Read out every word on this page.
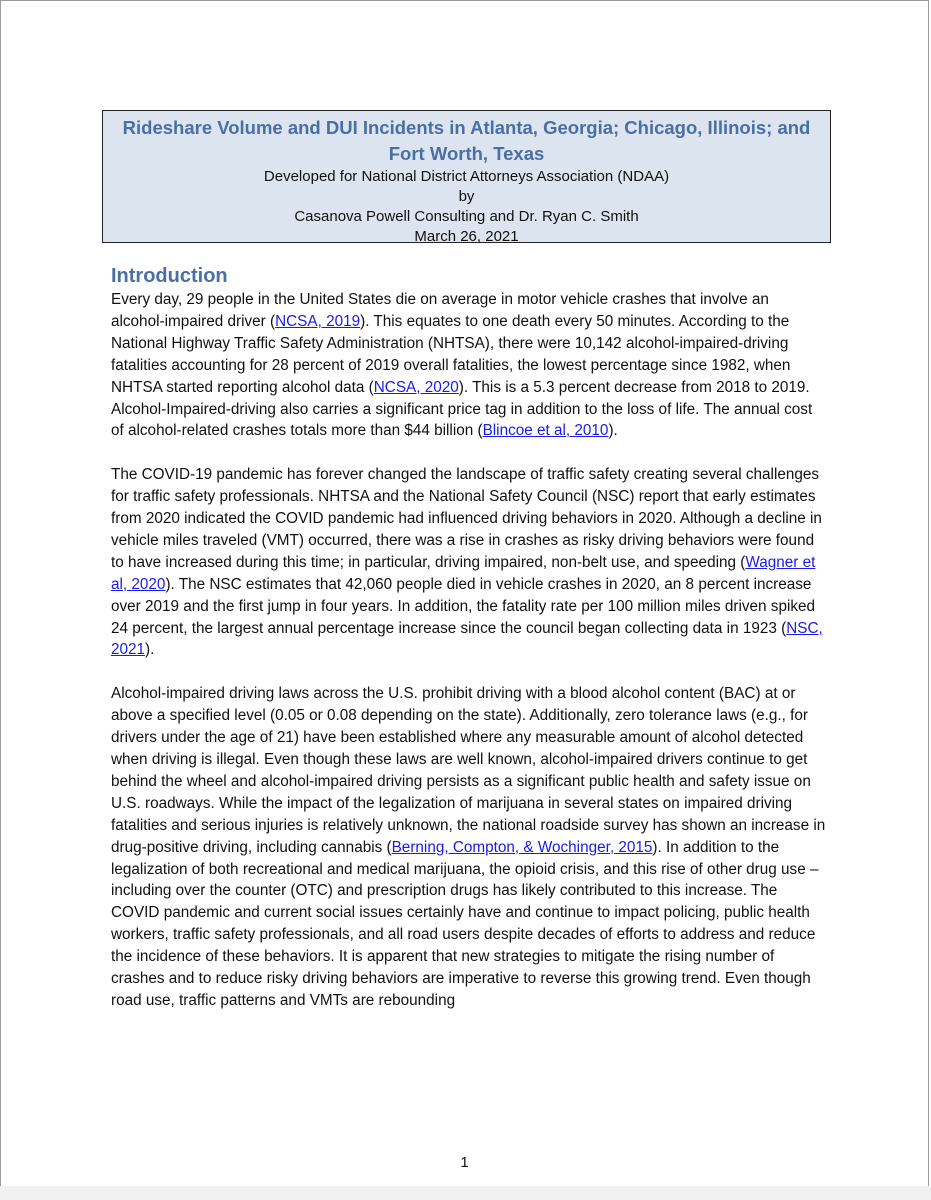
Rideshare Volume and DUI Incidents in Atlanta, Georgia; Chicago, Illinois; and Fort Worth, Texas
Developed for National District Attorneys Association (NDAA)
by
Casanova Powell Consulting and Dr. Ryan C. Smith
March 26, 2021
Introduction

Every day, 29 people in the United States die on average in motor vehicle crashes that involve an alcohol-impaired driver (NCSA, 2019). This equates to one death every 50 minutes. According to the National Highway Traffic Safety Administration (NHTSA), there were 10,142 alcohol-impaired-driving fatalities accounting for 28 percent of 2019 overall fatalities, the lowest percentage since 1982, when NHTSA started reporting alcohol data (NCSA, 2020). This is a 5.3 percent decrease from 2018 to 2019. Alcohol-Impaired-driving also carries a significant price tag in addition to the loss of life. The annual cost of alcohol-related crashes totals more than $44 billion (Blincoe et al, 2010).

The COVID-19 pandemic has forever changed the landscape of traffic safety creating several challenges for traffic safety professionals. NHTSA and the National Safety Council (NSC) report that early estimates from 2020 indicated the COVID pandemic had influenced driving behaviors in 2020. Although a decline in vehicle miles traveled (VMT) occurred, there was a rise in crashes as risky driving behaviors were found to have increased during this time; in particular, driving impaired, non-belt use, and speeding (Wagner et al, 2020). The NSC estimates that 42,060 people died in vehicle crashes in 2020, an 8 percent increase over 2019 and the first jump in four years. In addition, the fatality rate per 100 million miles driven spiked 24 percent, the largest annual percentage increase since the council began collecting data in 1923 (NSC, 2021).

Alcohol-impaired driving laws across the U.S. prohibit driving with a blood alcohol content (BAC) at or above a specified level (0.05 or 0.08 depending on the state). Additionally, zero tolerance laws (e.g., for drivers under the age of 21) have been established where any measurable amount of alcohol detected when driving is illegal. Even though these laws are well known, alcohol-impaired drivers continue to get behind the wheel and alcohol-impaired driving persists as a significant public health and safety issue on U.S. roadways. While the impact of the legalization of marijuana in several states on impaired driving fatalities and serious injuries is relatively unknown, the national roadside survey has shown an increase in drug-positive driving, including cannabis (Berning, Compton, & Wochinger, 2015). In addition to the legalization of both recreational and medical marijuana, the opioid crisis, and this rise of other drug use – including over the counter (OTC) and prescription drugs has likely contributed to this increase. The COVID pandemic and current social issues certainly have and continue to impact policing, public health workers, traffic safety professionals, and all road users despite decades of efforts to address and reduce the incidence of these behaviors. It is apparent that new strategies to mitigate the rising number of crashes and to reduce risky driving behaviors are imperative to reverse this growing trend. Even though road use, traffic patterns and VMTs are rebounding

1
